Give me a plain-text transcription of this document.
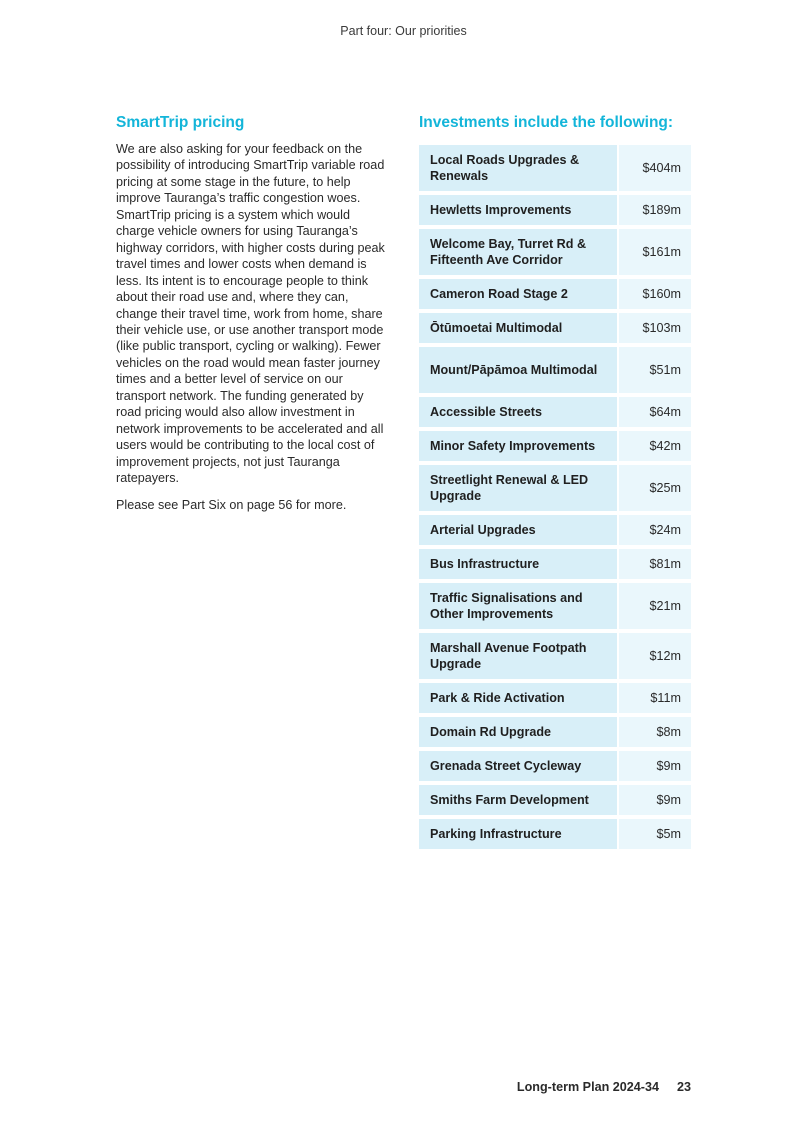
Part four: Our priorities
SmartTrip pricing

We are also asking for your feedback on the possibility of introducing SmartTrip variable road pricing at some stage in the future, to help improve Tauranga’s traffic congestion woes. SmartTrip pricing is a system which would charge vehicle owners for using Tauranga’s highway corridors, with higher costs during peak travel times and lower costs when demand is less. Its intent is to encourage people to think about their road use and, where they can, change their travel time, work from home, share their vehicle use, or use another transport mode (like public transport, cycling or walking). Fewer vehicles on the road would mean faster journey times and a better level of service on our transport network. The funding generated by road pricing would also allow investment in network improvements to be accelerated and all users would be contributing to the local cost of improvement projects, not just Tauranga ratepayers.

Please see Part Six on page 56 for more.

Investments include the following:
Local Roads Upgrades & Renewals	$404m
Hewletts Improvements	$189m
Welcome Bay, Turret Rd & Fifteenth Ave Corridor	$161m
Cameron Road Stage 2	$160m
Ōtūmoetai Multimodal	$103m
Mount/Pāpāmoa Multimodal	$51m
Accessible Streets	$64m
Minor Safety Improvements	$42m
Streetlight Renewal & LED Upgrade	$25m
Arterial Upgrades	$24m
Bus Infrastructure	$81m
Traffic Signalisations and Other Improvements	$21m
Marshall Avenue Footpath Upgrade	$12m
Park & Ride Activation	$11m
Domain Rd Upgrade	$8m
Grenada Street Cycleway	$9m
Smiths Farm Development	$9m
Parking Infrastructure	$5m
Long-term Plan 2024-34 23
